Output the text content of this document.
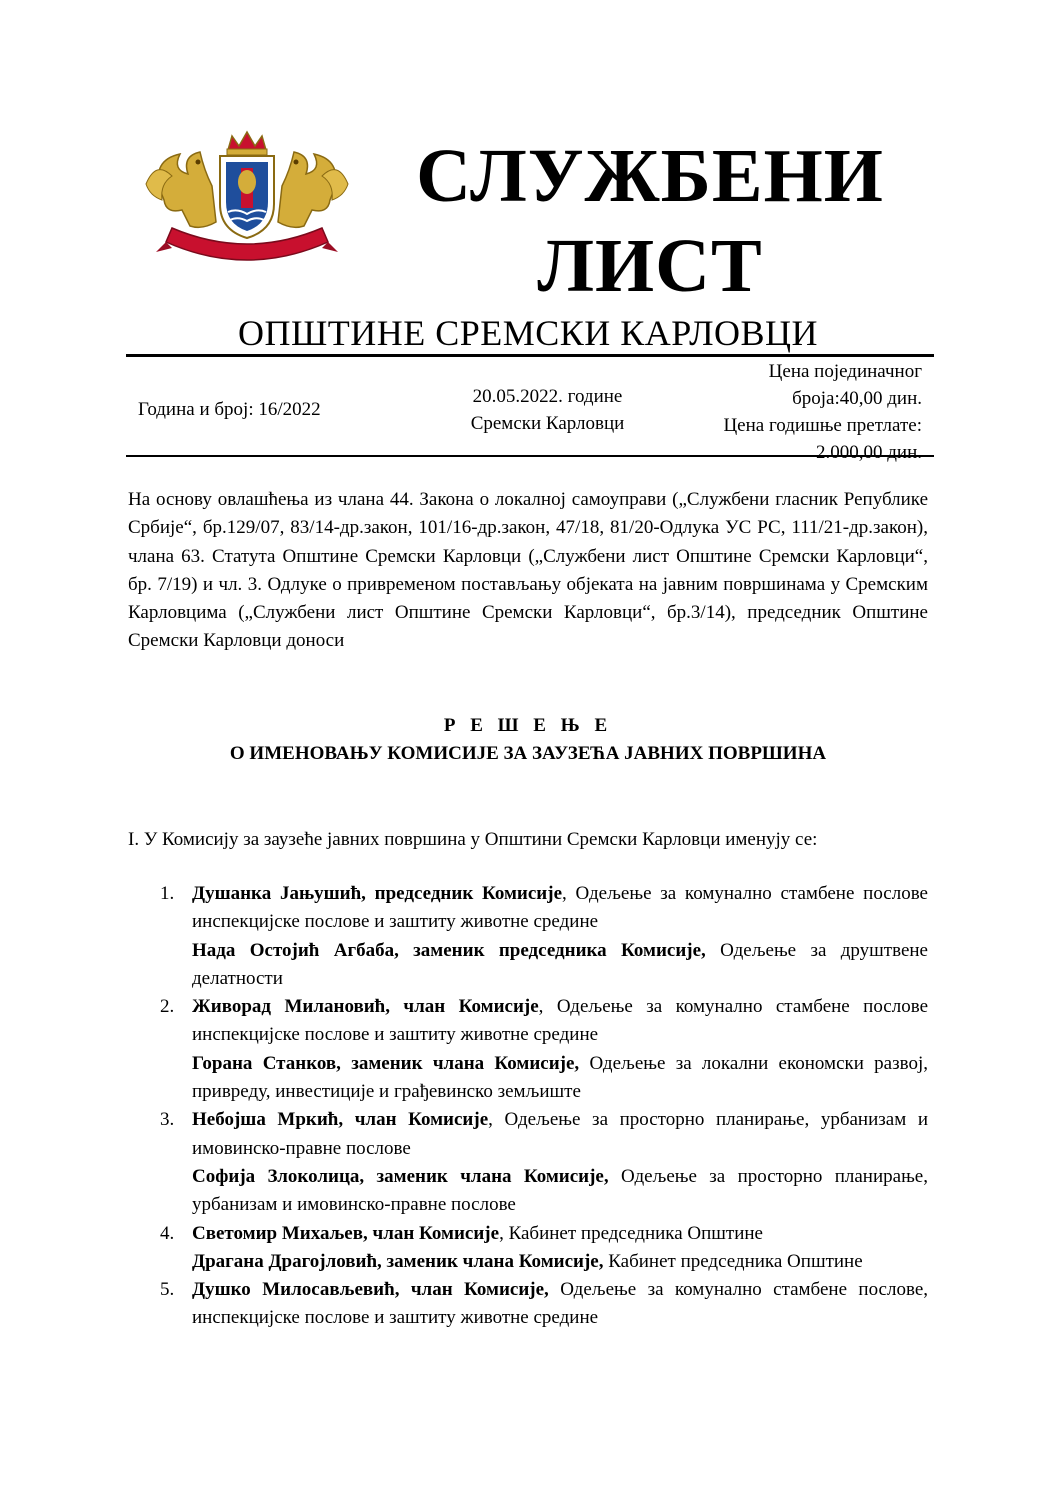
СЛУЖБЕНИ
ЛИСТ
ОПШТИНЕ СРЕМСКИ КАРЛОВЦИ
Година и број: 16/2022
20.05.2022. године
Сремски Карловци
Цена појединачног
броја:40,00 дин.
Цена годишње претлате:
2.000,00 дин.
На основу овлашћења из члана 44. Закона о локалној самоуправи („Службени гласник Републике Србије“, бр.129/07, 83/14-др.закон, 101/16-др.закон, 47/18, 81/20-Одлука УС РС, 111/21-др.закон), члана 63. Статута Општине Сремски Карловци („Службени лист Општине Сремски Карловци“, бр. 7/19) и чл. 3. Одлуке о привременом постављању објеката на јавним површинама у Сремским Карловцима („Службени лист Општине Сремски Карловци“, бр.3/14), председник Општине Сремски Карловци доноси
Р Е Ш Е Њ Е
О ИМЕНОВАЊУ КОМИСИЈЕ ЗА ЗАУЗЕЋА ЈАВНИХ ПОВРШИНА
I. У Комисију за заузеће јавних површина у Општини Сремски Карловци именују се:
1. Душанка Јањушић, председник Комисије, Одељење за комунално стамбене послове инспекцијске послове и заштиту животне средине

Нада Остојић Агбаба, заменик председника Комисије, Одељење за друштвене делатности

2. Живорад Милановић, члан Комисије, Одељење за комунално стамбене послове инспекцијске послове и заштиту животне средине

Горана Станков, заменик члана Комисије, Одељење за локални економски развој, привреду, инвестиције и грађевинско земљиште

3. Небојша Мркић, члан Комисије, Одељење за просторно планирање, урбанизам и имовинско-правне послове

Софија Злоколица, заменик члана Комисије, Одељење за просторно планирање, урбанизам и имовинско-правне послове

4. Светомир Михаљев, члан Комисије, Кабинет председника Општине

Драгана Драгојловић, заменик члана Комисије, Кабинет председника Општине

5. Душко Милосављевић, члан Комисије, Одељење за комунално стамбене послове, инспекцијске послове и заштиту животне средине
